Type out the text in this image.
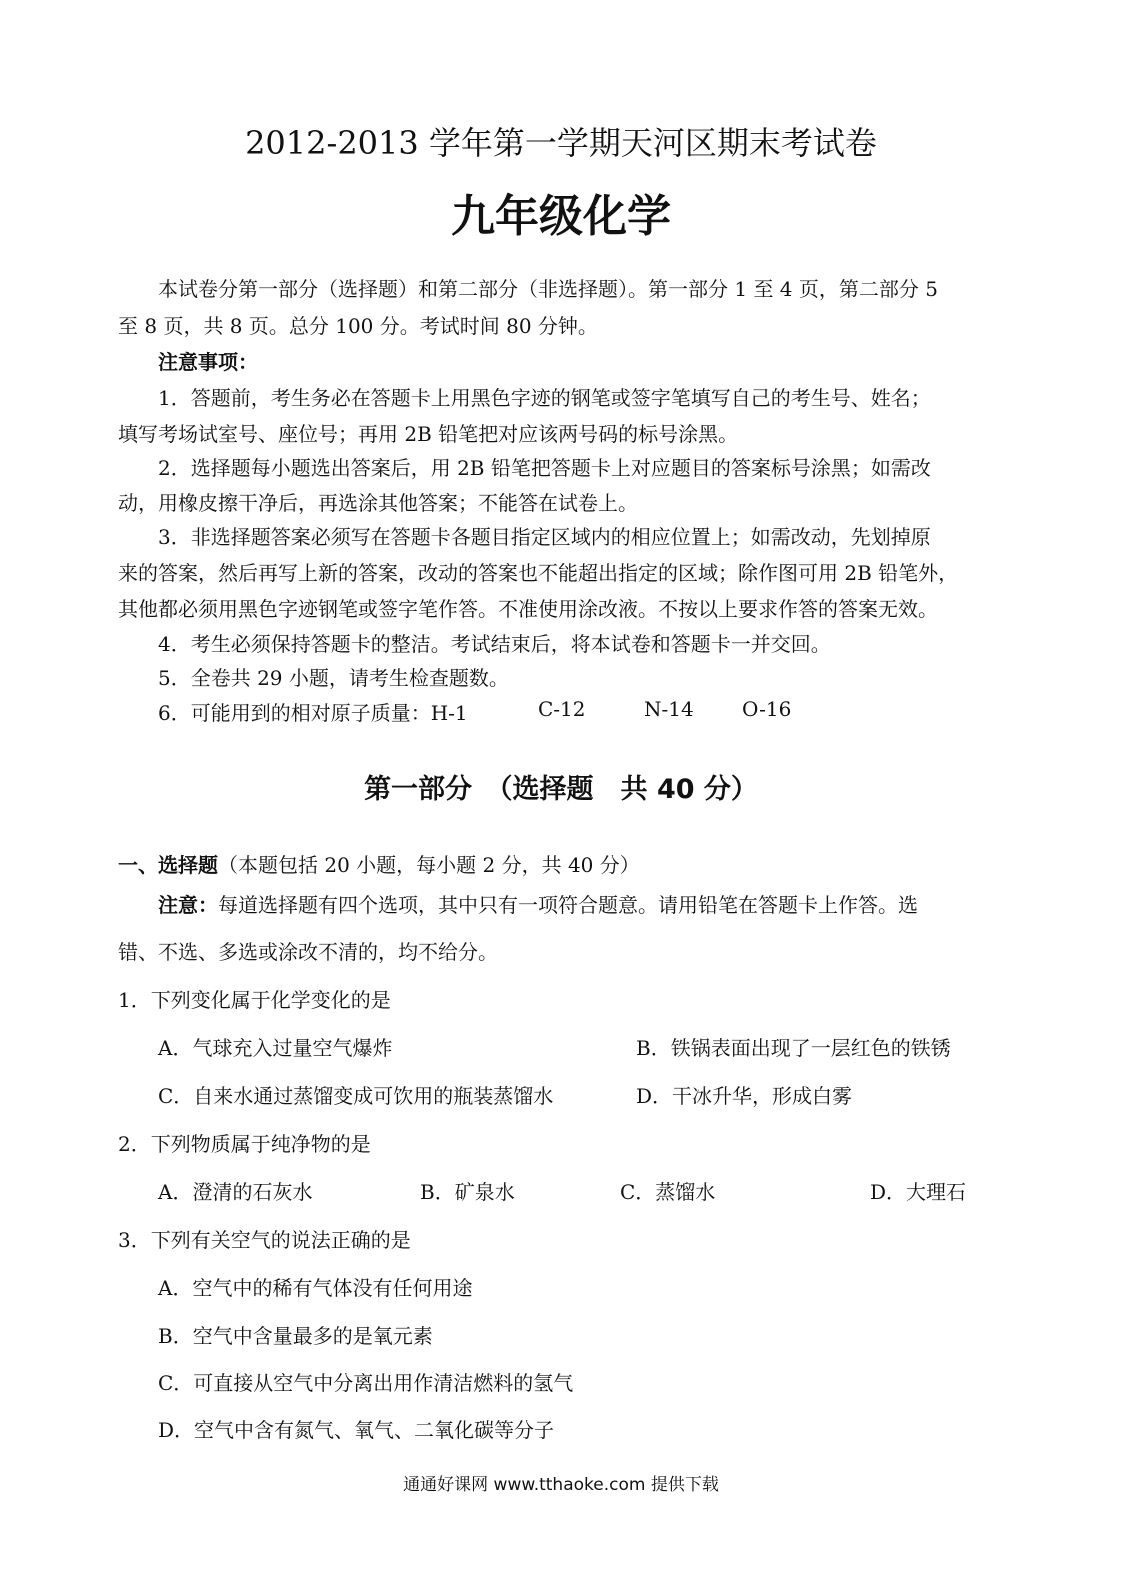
2012-2013 学年第一学期天河区期末考试卷
九年级化学
本试卷分第一部分（选择题）和第二部分（非选择题）。第一部分 1 至 4 页，第二部分 5
至 8 页，共 8 页。总分 100 分。考试时间 80 分钟。
注意事项：
1．答题前，考生务必在答题卡上用黑色字迹的钢笔或签字笔填写自己的考生号、姓名；
填写考场试室号、座位号；再用 2B 铅笔把对应该两号码的标号涂黑。
2．选择题每小题选出答案后，用 2B 铅笔把答题卡上对应题目的答案标号涂黑；如需改
动，用橡皮擦干净后，再选涂其他答案；不能答在试卷上。
3．非选择题答案必须写在答题卡各题目指定区域内的相应位置上；如需改动，先划掉原
来的答案，然后再写上新的答案，改动的答案也不能超出指定的区域；除作图可用 2B 铅笔外，
其他都必须用黑色字迹钢笔或签字笔作答。不准使用涂改液。不按以上要求作答的答案无效。
4．考生必须保持答题卡的整洁。考试结束后，将本试卷和答题卡一并交回。
5．全卷共 29 小题，请考生检查题数。
6．可能用到的相对原子质量：H-1	C-12	N-14 O-16
第一部分　（选择题　共 40 分）
一、选择题（本题包括 20 小题，每小题 2 分，共 40 分）
注意：每道选择题有四个选项，其中只有一项符合题意。请用铅笔在答题卡上作答。选
错、不选、多选或涂改不清的，均不给分。
1．下列变化属于化学变化的是
A．气球充入过量空气爆炸	B．铁锅表面出现了一层红色的铁锈
C．自来水通过蒸馏变成可饮用的瓶装蒸馏水	D．干冰升华，形成白雾
2．下列物质属于纯净物的是
A．澄清的石灰水	B．矿泉水	C．蒸馏水	D．大理石
3．下列有关空气的说法正确的是
A．空气中的稀有气体没有任何用途
B．空气中含量最多的是氧元素
C．可直接从空气中分离出用作清洁燃料的氢气
D．空气中含有氮气、氧气、二氧化碳等分子
通通好课网 www.tthaoke.com 提供下载
